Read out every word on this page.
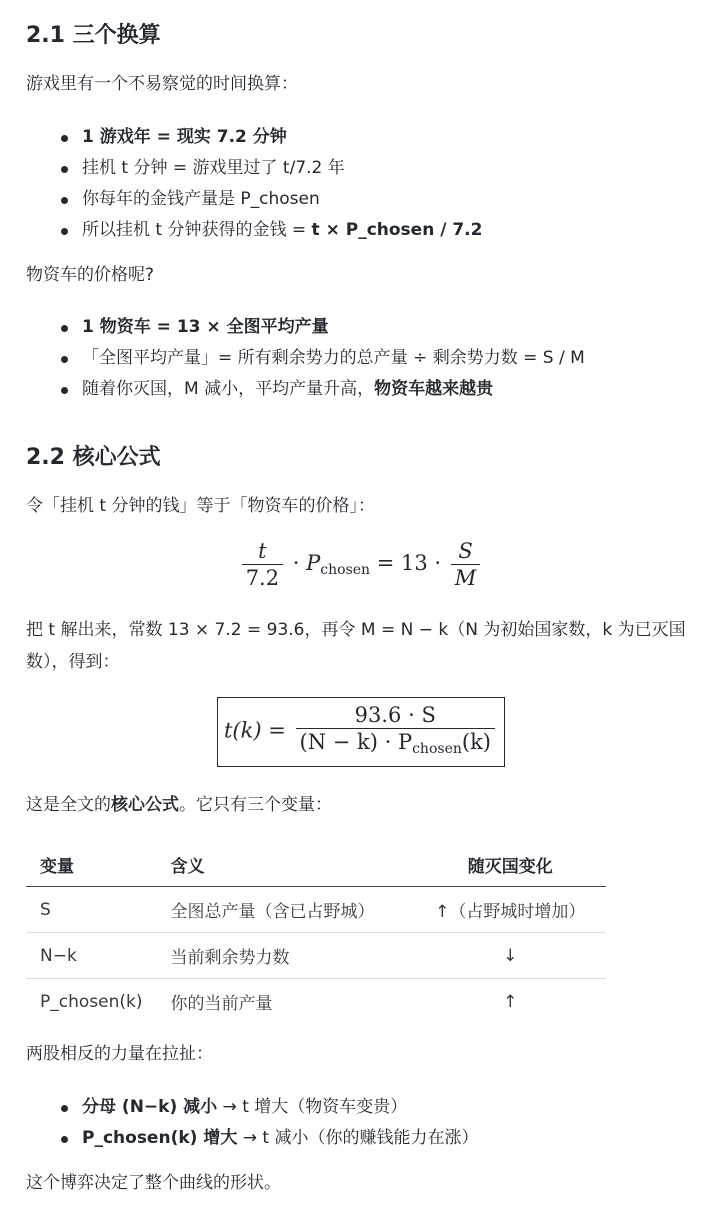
2.1 三个换算
游戏里有一个不易察觉的时间换算：
1 游戏年 = 现实 7.2 分钟
挂机 t 分钟 = 游戏里过了 t/7.2 年
你每年的金钱产量是 P_chosen
所以挂机 t 分钟获得的金钱 = t × P_chosen / 7.2
物资车的价格呢?
1 物资车 = 13 × 全图平均产量
「全图平均产量」= 所有剩余势力的总产量 ÷ 剩余势力数 = S / M
随着你灭国，M 减小，平均产量升高，物资车越来越贵
2.2 核心公式
令「挂机 t 分钟的钱」等于「物资车的价格」：
$\frac{t}{7.2} \cdot P_{chosen} = 13 \cdot \frac{S}{M}$
把 t 解出来，常数 13 × 7.2 = 93.6，再令 M = N − k（N 为初始国家数，k 为已灭国数），得到：
$t(k) = \frac{93.6 \cdot S}{(N - k) \cdot P_{chosen}(k)}$
这是全文的核心公式。它只有三个变量：
变量	含义	随灭国变化
S	全图总产量（含已占野城）	↑（占野城时增加）
N−k	当前剩余势力数	↓
P_chosen(k)	你的当前产量	↑
两股相反的力量在拉扯：
分母 (N−k) 减小 → t 增大（物资车变贵）
P_chosen(k) 增大 → t 减小（你的赚钱能力在涨）
这个博弈决定了整个曲线的形状。
